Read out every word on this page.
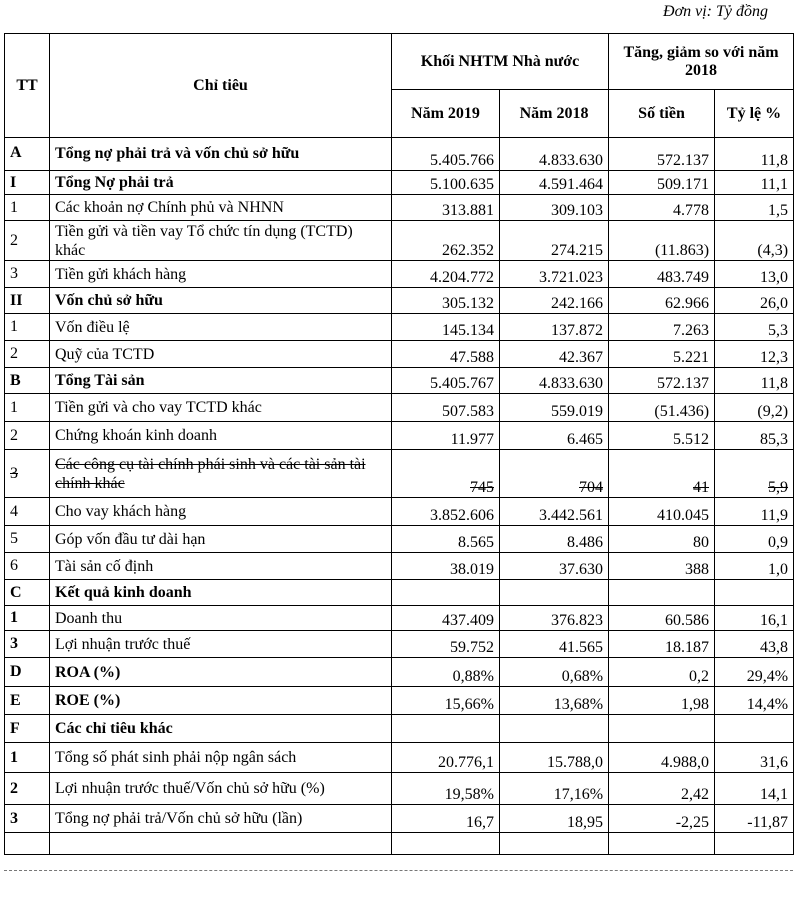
Đơn vị: Tỷ đồng
TT	Chỉ tiêu	Khối NHTM Nhà nước		Tăng, giảm so với năm 2018	
		Năm 2019	Năm 2018	Số tiền	Tỷ lệ %
A	Tổng nợ phải trả và vốn chủ sở hữu	5.405.766	4.833.630	572.137	11,8
I	Tổng Nợ phải trả	5.100.635	4.591.464	509.171	11,1
1	Các khoản nợ Chính phủ và NHNN	313.881	309.103	4.778	1,5
2	Tiền gửi và tiền vay Tổ chức tín dụng (TCTD) khác	262.352	274.215	(11.863)	(4,3)
3	Tiền gửi khách hàng	4.204.772	3.721.023	483.749	13,0
II	Vốn chủ sở hữu	305.132	242.166	62.966	26,0
1	Vốn điều lệ	145.134	137.872	7.263	5,3
2	Quỹ của TCTD	47.588	42.367	5.221	12,3
B	Tổng Tài sản	5.405.767	4.833.630	572.137	11,8
1	Tiền gửi và cho vay TCTD khác	507.583	559.019	(51.436)	(9,2)
2	Chứng khoán kinh doanh	11.977	6.465	5.512	85,3
3	Các công cụ tài chính phái sinh và các tài sản tài chính khác	745	704	41	5,9
4	Cho vay khách hàng	3.852.606	3.442.561	410.045	11,9
5	Góp vốn đầu tư dài hạn	8.565	8.486	80	0,9
6	Tài sản cố định	38.019	37.630	388	1,0
C	Kết quả kinh doanh				
1	Doanh thu	437.409	376.823	60.586	16,1
3	Lợi nhuận trước thuế	59.752	41.565	18.187	43,8
D	ROA (%)	0,88%	0,68%	0,2	29,4%
E	ROE (%)	15,66%	13,68%	1,98	14,4%
F	Các chỉ tiêu khác				
1	Tổng số phát sinh phải nộp ngân sách	20.776,1	15.788,0	4.988,0	31,6
2	Lợi nhuận trước thuế/Vốn chủ sở hữu (%)	19,58%	17,16%	2,42	14,1
3	Tổng nợ phải trả/Vốn chủ sở hữu (lần)	16,7	18,95	-2,25	-11,87
